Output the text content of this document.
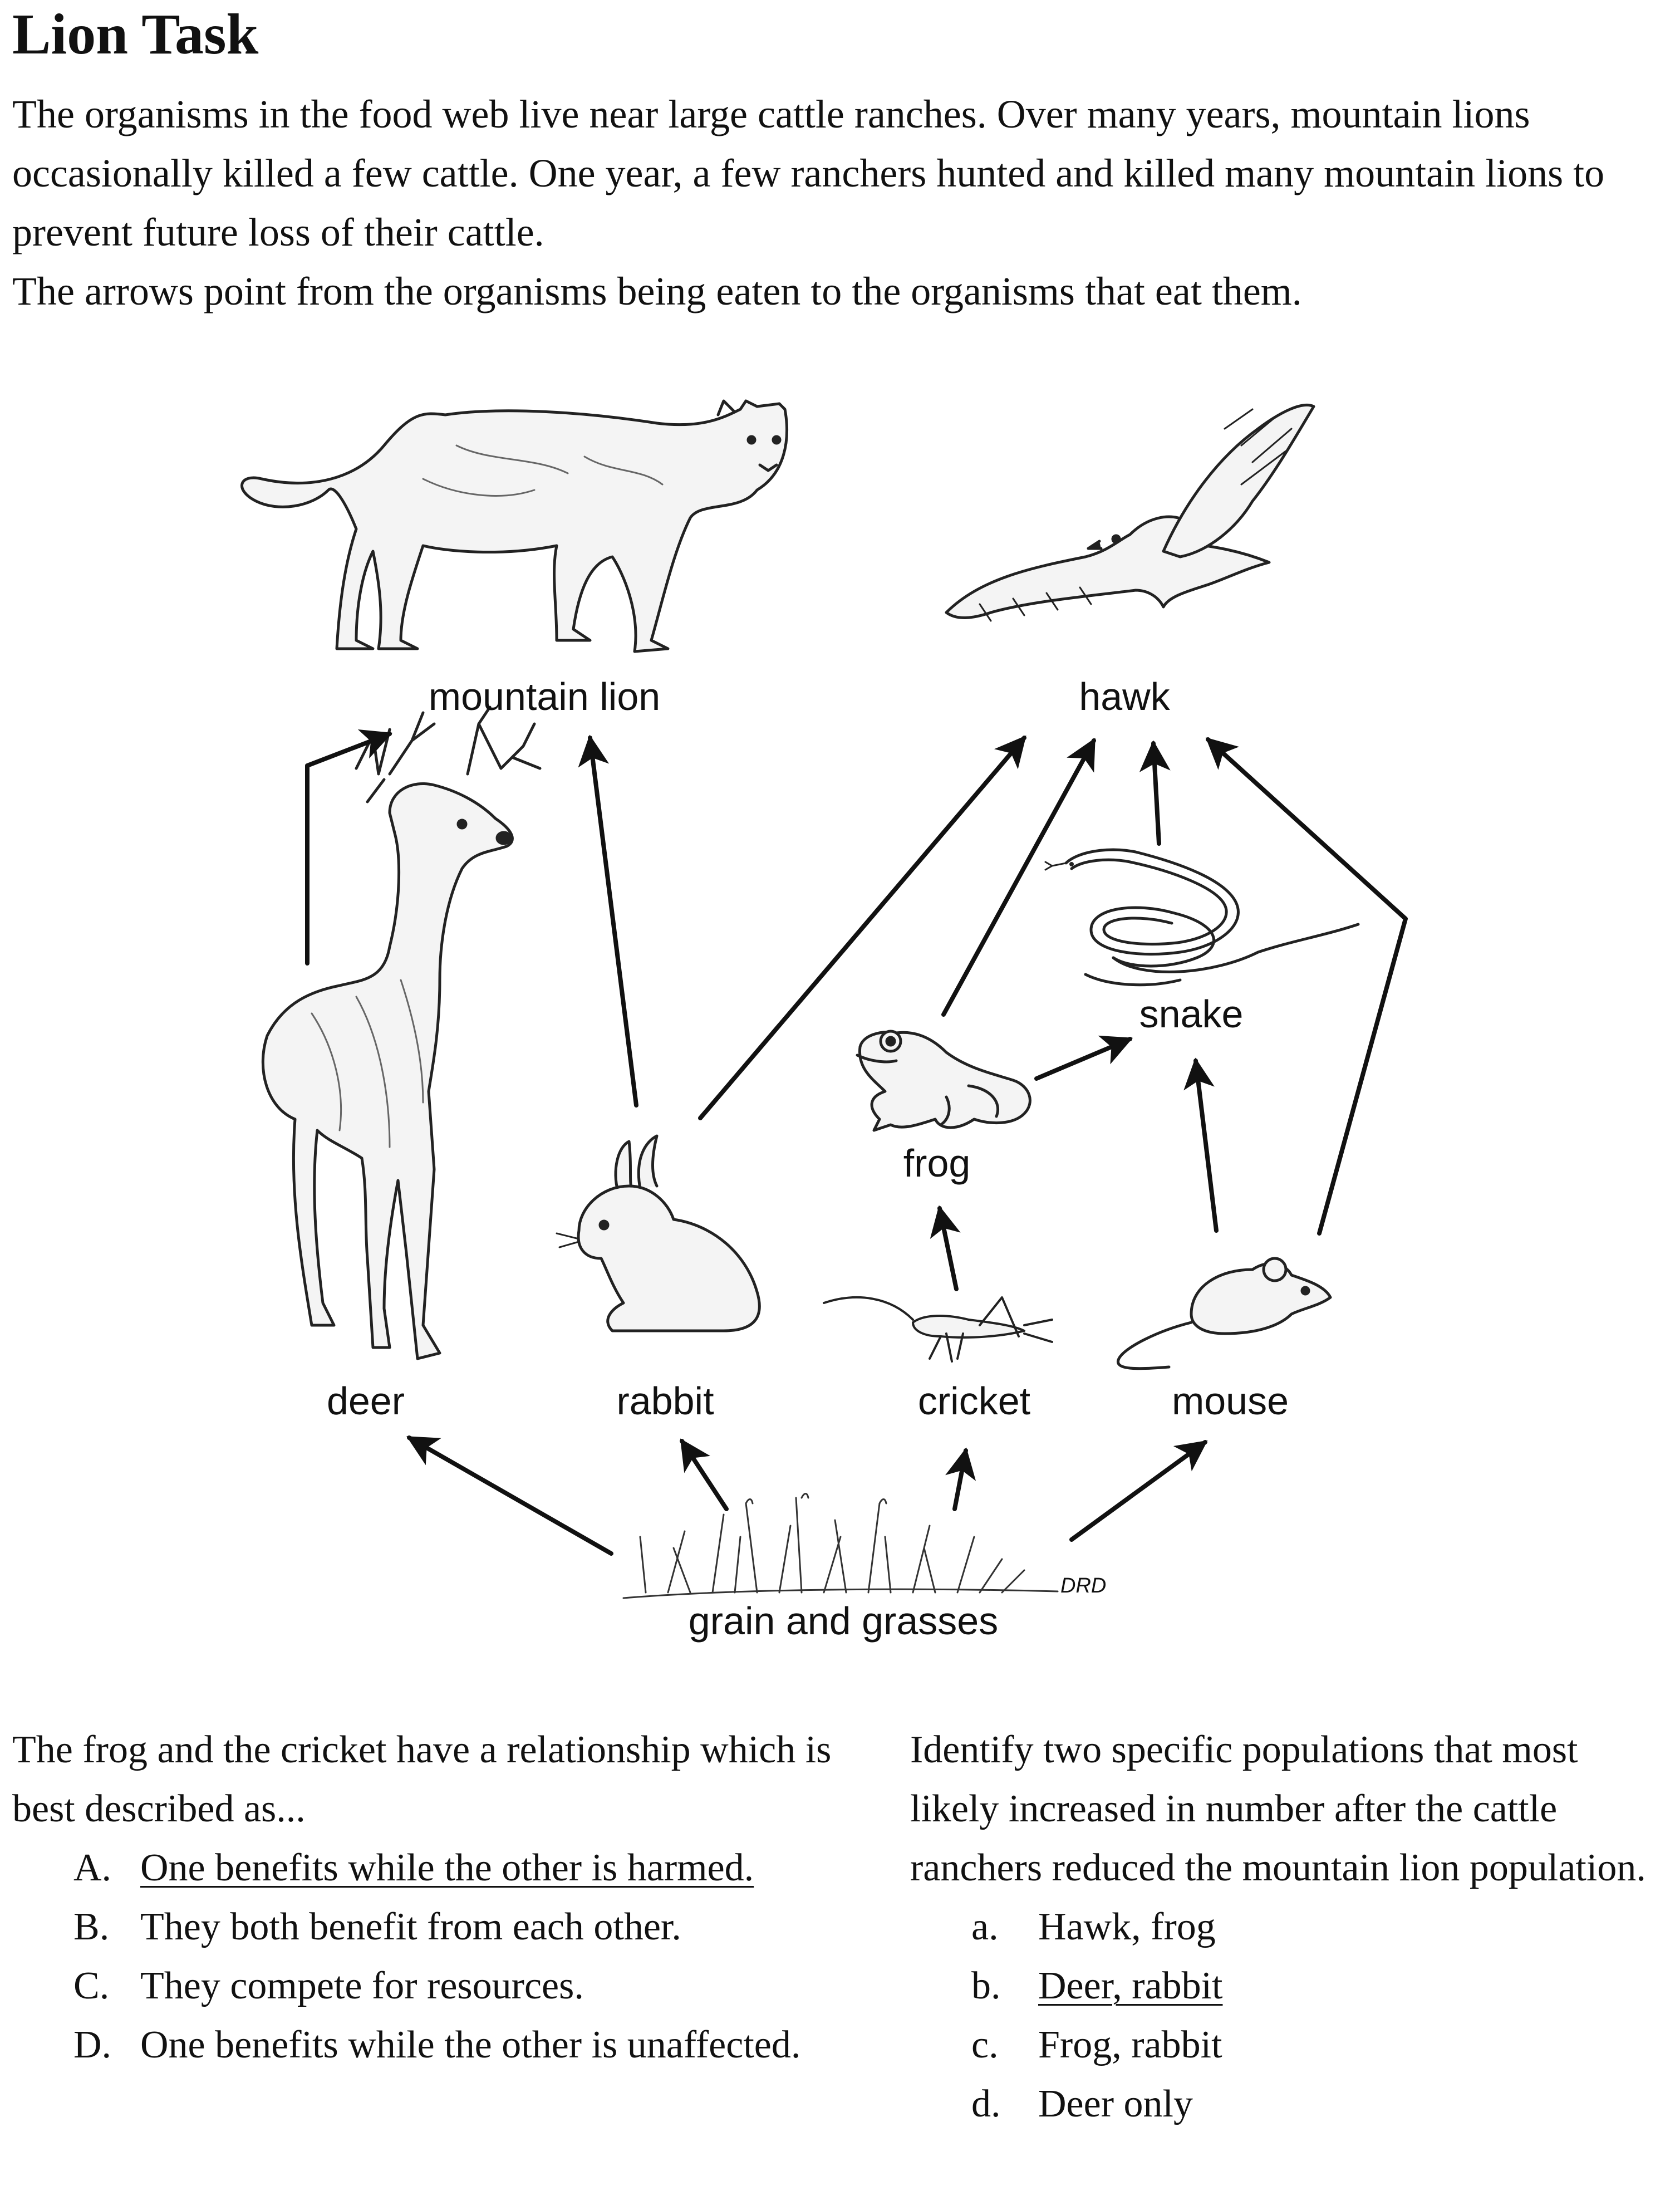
Lion Task

The organisms in the food web live near large cattle ranches. Over many years, mountain lions occasionally killed a few cattle. One year, a few ranchers hunted and killed many mountain lions to prevent future loss of their cattle.

The arrows point from the organisms being eaten to the organisms that eat them.

DRD
mountain lion	hawk
snake
frog
deer	rabbit	cricket	mouse
grain and grasses

The frog and the cricket have a relationship which is best described as...

A. One benefits while the other is harmed.
B. They both benefit from each other.
C. They compete for resources.
D. One benefits while the other is unaffected.

Identify two specific populations that most likely increased in number after the cattle ranchers reduced the mountain lion population.

a. Hawk, frog
b. Deer, rabbit
c. Frog, rabbit
d. Deer only
